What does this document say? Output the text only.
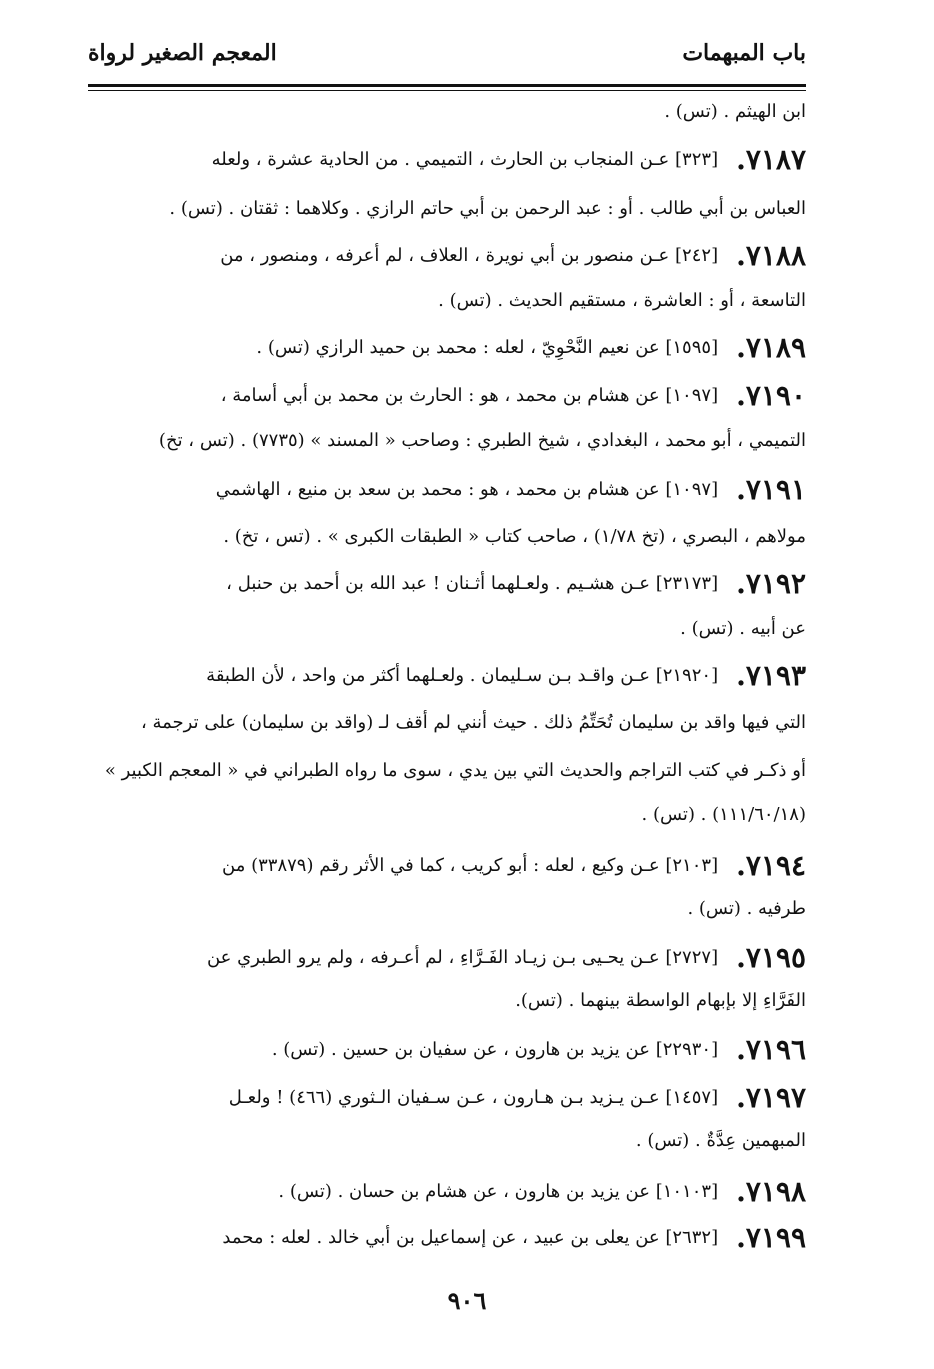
باب المبهمات
المعجم الصغير لرواة
ابن الهيثم . (تس) .
٧١٨٧.[٣٢٣] عـن المنجاب بن الحارث ، التميمي . من الحادية عشرة ، ولعله
العباس بن أبي طالب . أو : عبد الرحمن بن أبي حاتم الرازي . وكلاهما : ثقتان . (تس) .
٧١٨٨.[٢٤٢] عـن منصور بن أبي نويرة ، العلاف ، لم أعرفه ، ومنصور ، من
التاسعة ، أو : العاشرة ، مستقيم الحديث . (تس) .
٧١٨٩.[١٥٩٥] عن نعيم النَّحْوِيّ ، لعله : محمد بن حميد الرازي (تس) .
٧١٩٠.[١٠٩٧] عن هشام بن محمد ، هو : الحارث بن محمد بن أبي أسامة ،
التميمي ، أبو محمد ، البغدادي ، شيخ الطبري : وصاحب « المسند » (٧٧٣٥) . (تس ، تخ)
٧١٩١.[١٠٩٧] عن هشام بن محمد ، هو : محمد بن سعد بن منيع ، الهاشمي
مولاهم ، البصري ، (تخ ١/٧٨) ، صاحب كتاب « الطبقات الكبرى » . (تس ، تخ) .
٧١٩٢.[٢٣١٧٣] عـن هشـيم . ولعـلهما أثـنان ! عبد الله بن أحمد بن حنبل ،
عن أبيه . (تس) .
٧١٩٣.[٢١٩٢٠] عـن واقـد بـن سـليمان . ولعـلهما أكثر من واحد ، لأن الطبقة
التي فيها واقد بن سليمان تُحَتِّمُ ذلك . حيث أنني لم أقف لـ (واقد بن سليمان) على ترجمة ،
أو ذكـر في كتب التراجم والحديث التي بين يدي ، سوى ما رواه الطبراني في « المعجم الكبير »
(١١١/٦٠/١٨) . (تس) .
٧١٩٤.[٢١٠٣] عـن وكيع ، لعله : أبو كريب ، كما في الأثر رقم (٣٣٨٧٩) من
طرفيه . (تس) .
٧١٩٥.[٢٧٢٧] عـن يحـيى بـن زيـاد الفَـرَّاءِ ، لم أعـرفه ، ولم يرو الطبري عن
الفَرَّاءِ إلا بإبهام الواسطة بينهما . (تس).
٧١٩٦.[٢٢٩٣٠] عن يزيد بن هارون ، عن سفيان بن حسين . (تس) .
٧١٩٧.[١٤٥٧] عـن يـزيد بـن هـارون ، عـن سـفيان الـثوري (٤٦٦) ! ولعـل
المبهمين عِدَّةٌ . (تس) .
٧١٩٨.[١٠١٠٣] عن يزيد بن هارون ، عن هشام بن حسان . (تس) .
٧١٩٩.[٢٦٣٢] عن يعلى بن عبيد ، عن إسماعيل بن أبي خالد . لعله : محمد
٩٠٦
